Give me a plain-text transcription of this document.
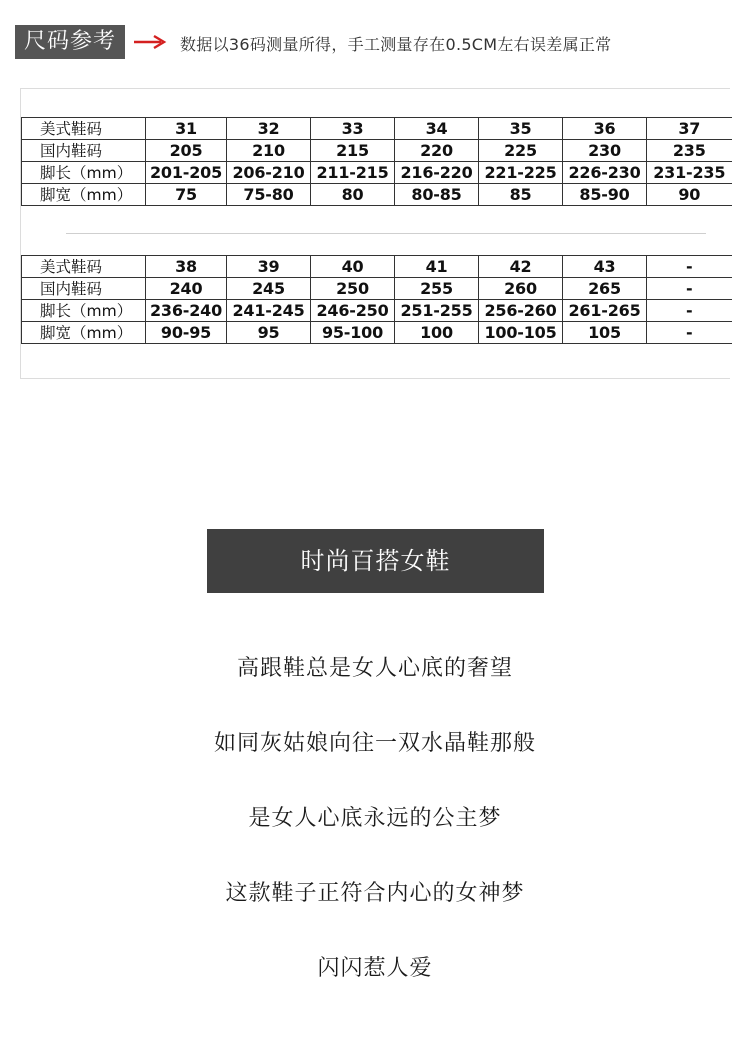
尺码参考	数据以36码测量所得，手工测量存在0.5CM左右误差属正常
美式鞋码	31	32	33	34	35	36	37
国内鞋码	205	210	215	220	225	230	235
脚长（mm）	201-205	206-210	211-215	216-220	221-225	226-230	231-235
脚宽（mm）	75	75-80	80	80-85	85	85-90	90
美式鞋码	38	39	40	41	42	43	-
国内鞋码	240	245	250	255	260	265	-
脚长（mm）	236-240	241-245	246-250	251-255	256-260	261-265	-
脚宽（mm）	90-95	95	95-100	100	100-105	105	-
时尚百搭女鞋
高跟鞋总是女人心底的奢望
如同灰姑娘向往一双水晶鞋那般
是女人心底永远的公主梦
这款鞋子正符合内心的女神梦
闪闪惹人爱
